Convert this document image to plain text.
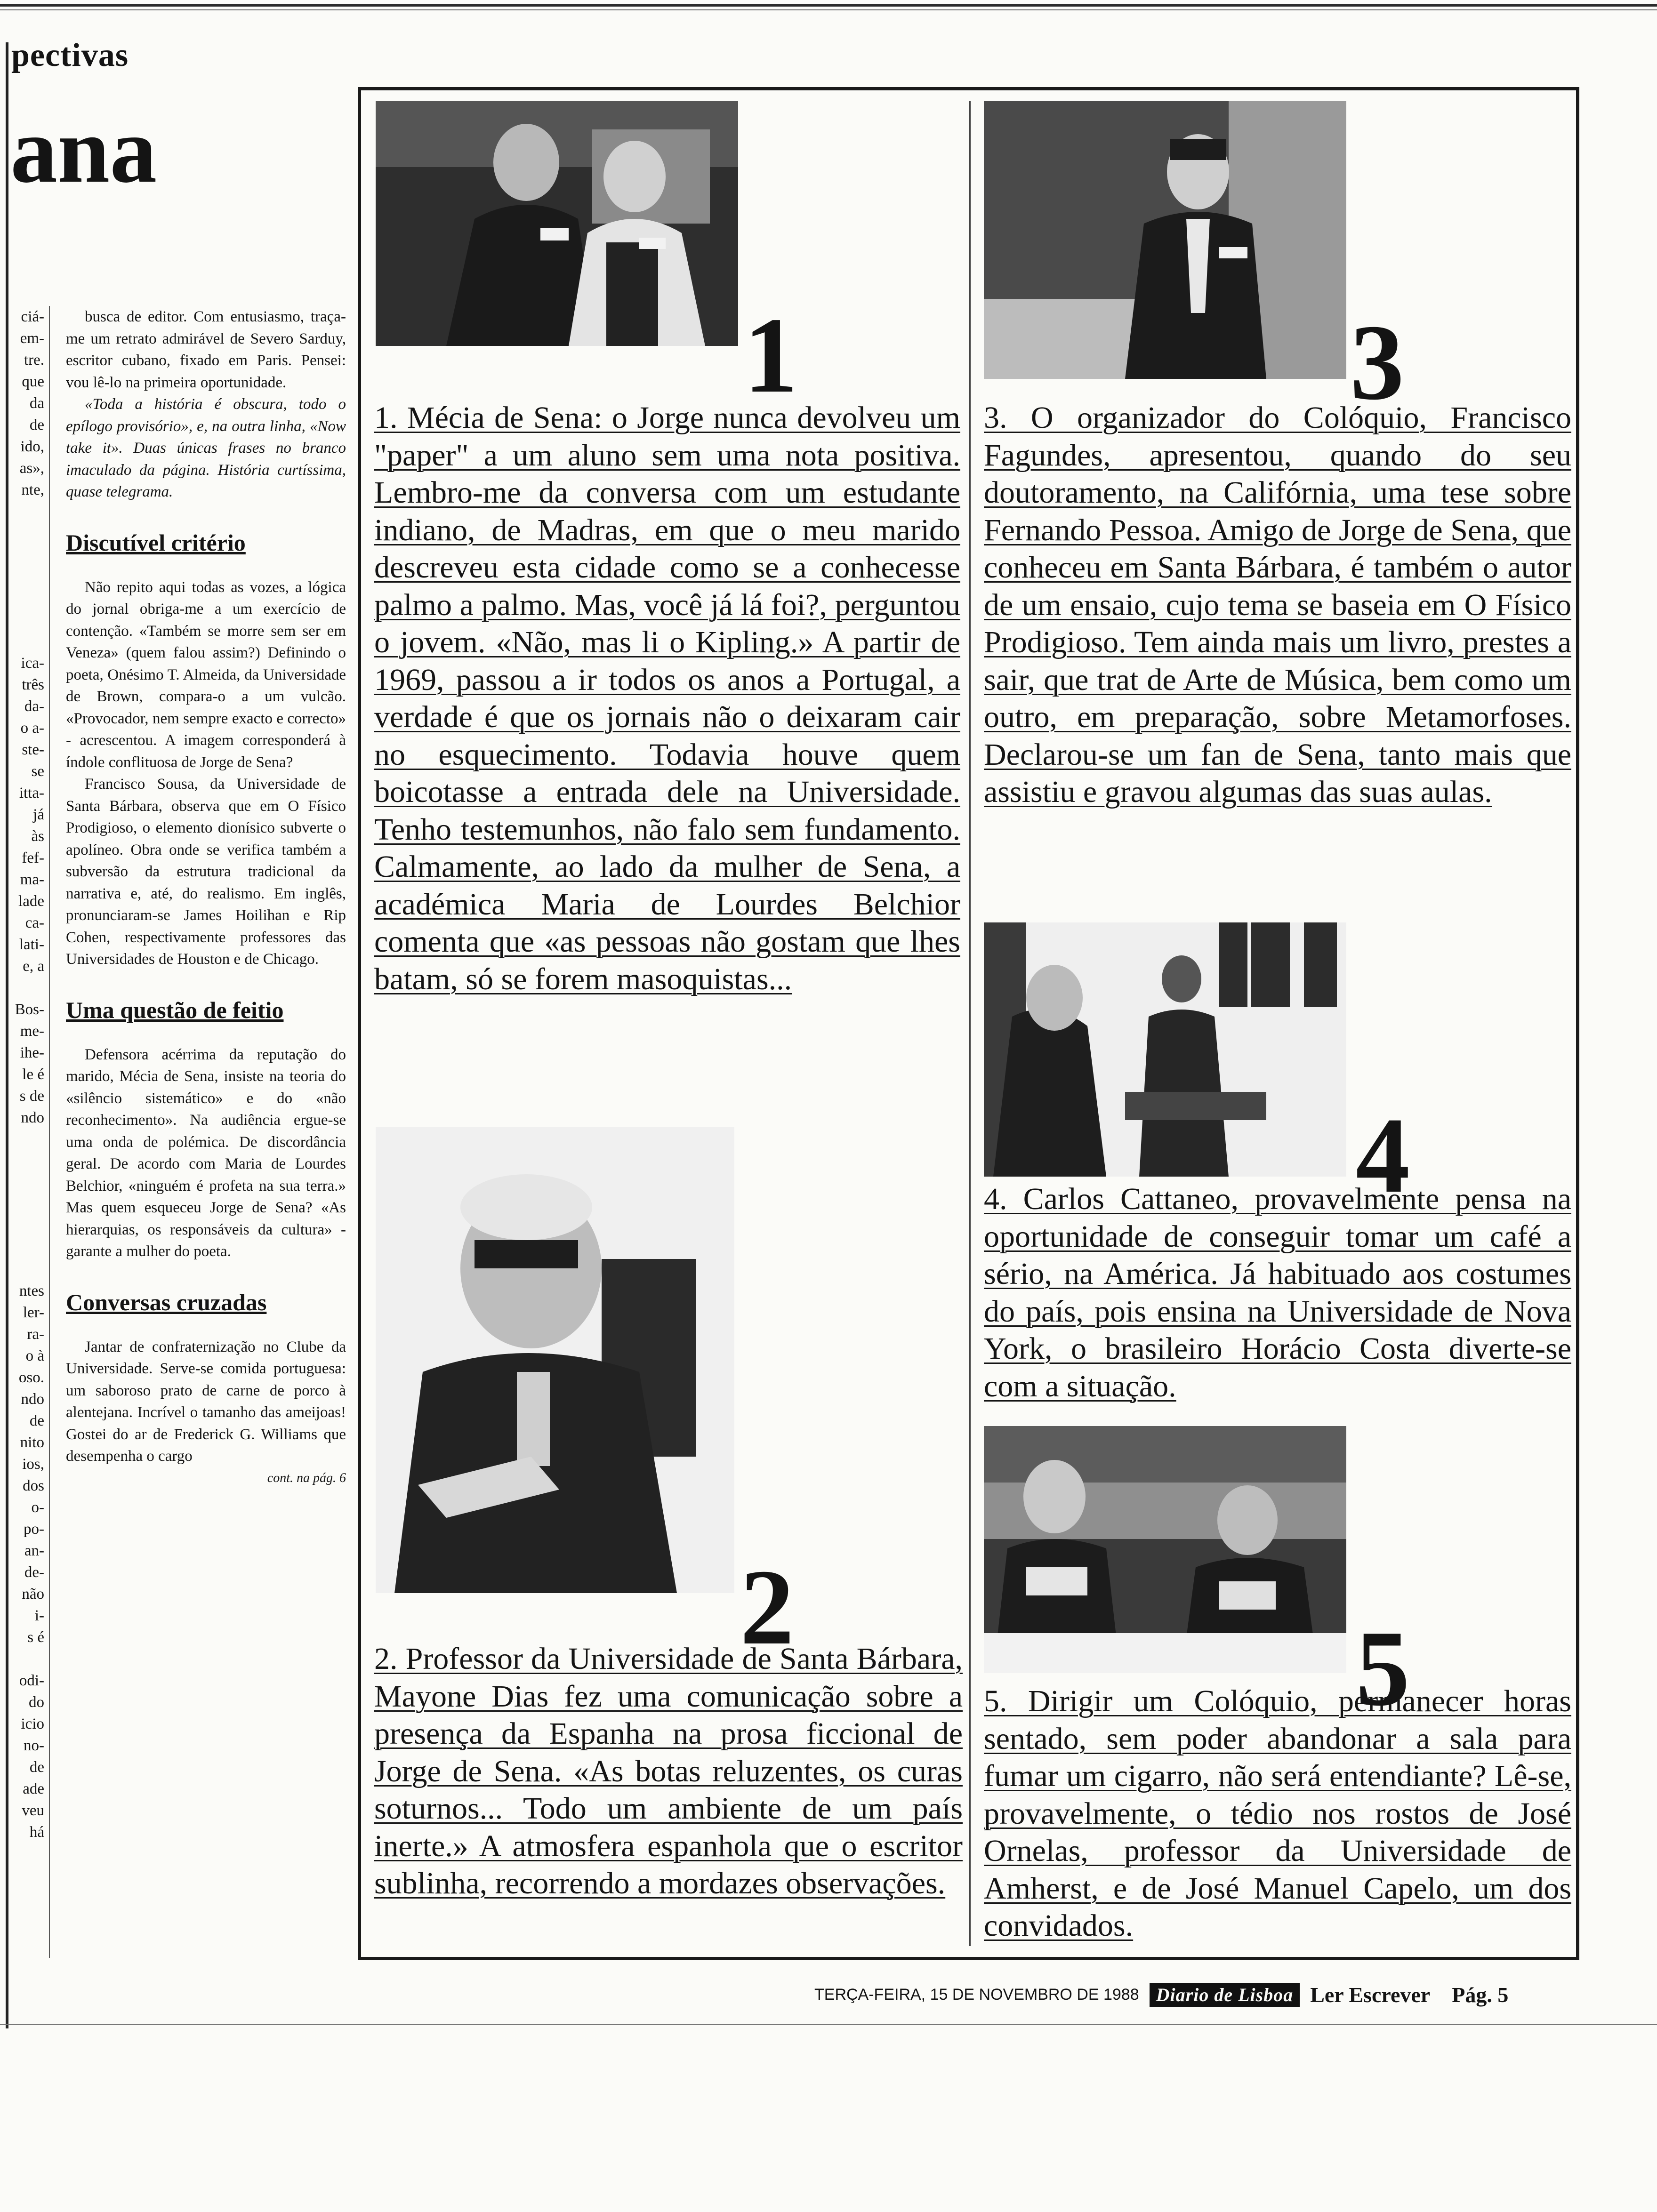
pectivas
ana
ciá-
em-
tre.
que
da
de
ido,
as»,
nte,
ica-
três
da-
o a-
ste-
se
itta-
já
às
fef-
ma-
lade
ca-
lati-
e, a
Bos-
me-
ihe-
le é
s de
ndo
ntes
ler-
ra-
o à
oso.
ndo
de
nito
ios,
dos
o-
po-
an-
de-
não
i-
s é
odi-
do
icio
no-
de
ade
veu
há

busca de editor. Com entusiasmo, traça-me um retrato admirável de Severo Sarduy, escritor cubano, fixado em Paris. Pensei: vou lê-lo na primeira oportunidade.

«Toda a história é obscura, todo o epílogo provisório», e, na outra linha, «Now take it». Duas únicas frases no branco imaculado da página. História curtíssima, quase telegrama.

Discutível critério

Não repito aqui todas as vozes, a lógica do jornal obriga-me a um exercício de contenção. «Também se morre sem ser em Veneza» (quem falou assim?) Definindo o poeta, Onésimo T. Almeida, da Universidade de Brown, compara-o a um vulcão. «Provocador, nem sempre exacto e correcto» - acrescentou. A imagem corresponderá à índole conflituosa de Jorge de Sena?

Francisco Sousa, da Universidade de Santa Bárbara, observa que em O Físico Prodigioso, o elemento dionísico subverte o apolíneo. Obra onde se verifica também a subversão da estrutura tradicional da narrativa e, até, do realismo. Em inglês, pronunciaram-se James Hoilihan e Rip Cohen, respectivamente professores das Universidades de Houston e de Chicago.

Uma questão de feitio

Defensora acérrima da reputação do marido, Mécia de Sena, insiste na teoria do «silêncio sistemático» e do «não reconhecimento». Na audiência ergue-se uma onda de polémica. De discordância geral. De acordo com Maria de Lourdes Belchior, «ninguém é profeta na sua terra.» Mas quem esqueceu Jorge de Sena? «As hierarquias, os responsáveis da cultura» - garante a mulher do poeta.

Conversas cruzadas

Jantar de confraternização no Clube da Universidade. Serve-se comida portuguesa: um saboroso prato de carne de porco à alentejana. Incrível o tamanho das ameijoas! Gostei do ar de Frederick G. Williams que desempenha o cargo

cont. na pág. 6

1
1. Mécia de Sena: o Jorge nunca devolveu um "paper" a um aluno sem uma nota positiva. Lembro-me da conversa com um estudante indiano, de Madras, em que o meu marido descreveu esta cidade como se a conhecesse palmo a palmo. Mas, você já lá foi?, perguntou o jovem. «Não, mas li o Kipling.» A partir de 1969, passou a ir todos os anos a Portugal, a verdade é que os jornais não o deixaram cair no esquecimento. Todavia houve quem boicotasse a entrada dele na Universidade. Tenho testemunhos, não falo sem fundamento. Calmamente, ao lado da mulher de Sena, a académica Maria de Lourdes Belchior comenta que «as pessoas não gostam que lhes batam, só se forem masoquistas...
2
2. Professor da Universidade de Santa Bárbara, Mayone Dias fez uma comunicação sobre a presença da Espanha na prosa ficcional de Jorge de Sena. «As botas reluzentes, os curas soturnos... Todo um ambiente de um país inerte.» A atmosfera espanhola que o escritor sublinha, recorrendo a mordazes observações.
3
3. O organizador do Colóquio, Francisco Fagundes, apresentou, quando do seu doutoramento, na Califórnia, uma tese sobre Fernando Pessoa. Amigo de Jorge de Sena, que conheceu em Santa Bárbara, é também o autor de um ensaio, cujo tema se baseia em O Físico Prodigioso. Tem ainda mais um livro, prestes a sair, que trat de Arte de Música, bem como um outro, em preparação, sobre Metamorfoses. Declarou-se um fan de Sena, tanto mais que assistiu e gravou algumas das suas aulas.
4
4. Carlos Cattaneo, provavelmente pensa na oportunidade de conseguir tomar um café a sério, na América. Já habituado aos costumes do país, pois ensina na Universidade de Nova York, o brasileiro Horácio Costa diverte-se com a situação.
5
5. Dirigir um Colóquio, permanecer horas sentado, sem poder abandonar a sala para fumar um cigarro, não será entendiante? Lê-se, provavelmente, o tédio nos rostos de José Ornelas, professor da Universidade de Amherst, e de José Manuel Capelo, um dos convidados.
TERÇA-FEIRA, 15 DE NOVEMBRO DE 1988 Diario de Lisboa Ler Escrever Pág. 5
